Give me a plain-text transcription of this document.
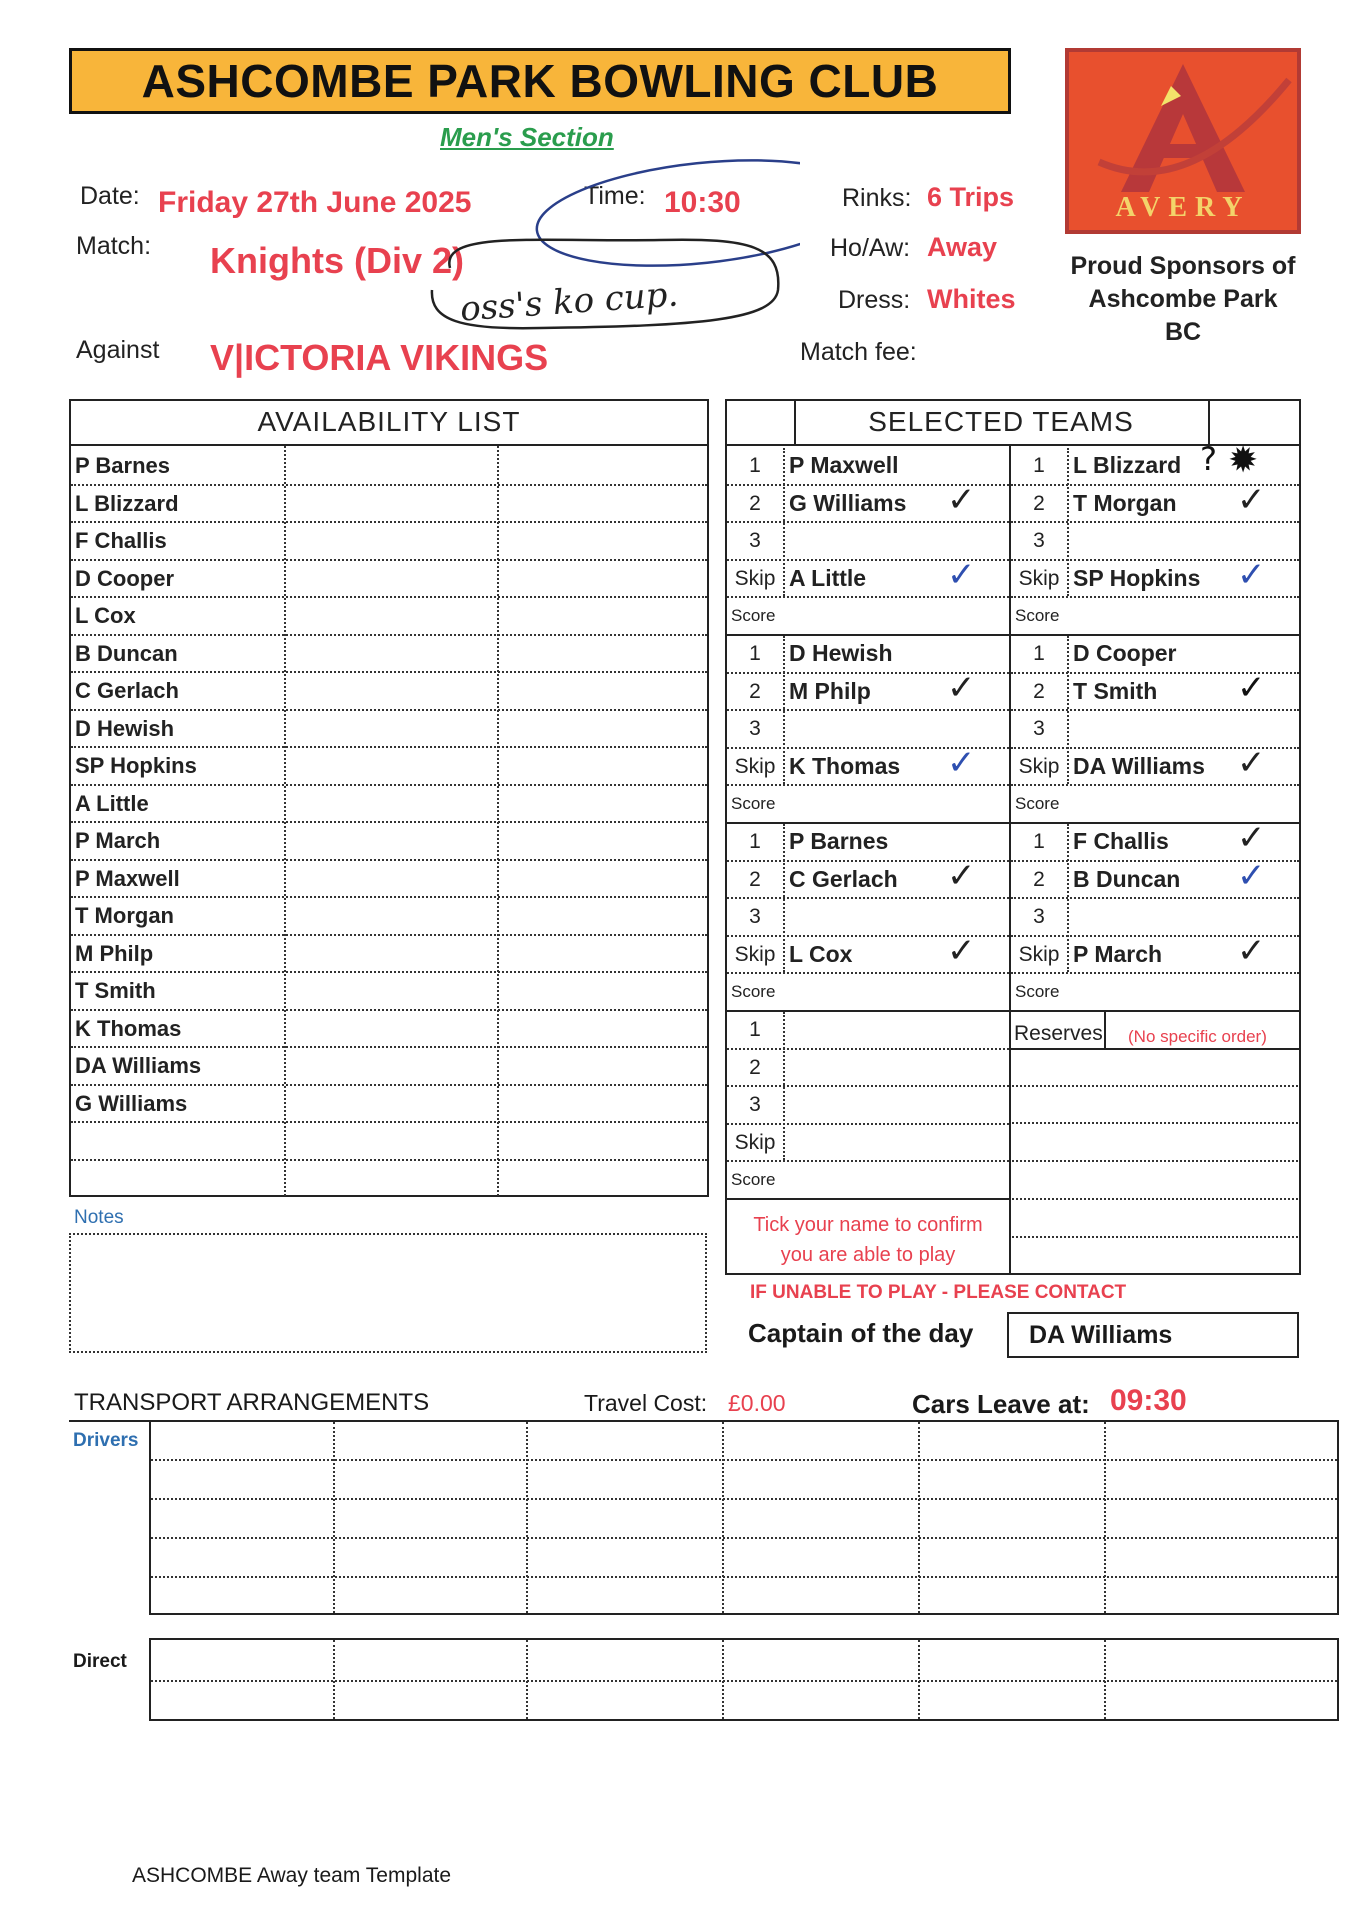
ASHCOMBE PARK BOWLING CLUB
Men's Section
Date: Friday 27th June 2025	Time: 10:30
Match: Knights (Div 2)
Against V|ICTORIA VIKINGS
Rinks: 6 Trips
Ho/Aw: Away
Dress: Whites
Match fee:
oss's ko cup.
AVERY
Proud Sponsors of
Ashcombe Park
BC
AVAILABILITY LIST
P Barnes
L Blizzard
F Challis
D Cooper
L Cox
B Duncan
C Gerlach
D Hewish
SP Hopkins
A Little
P March
P Maxwell
T Morgan
M Philp
T Smith
K Thomas
DA Williams
G Williams
SELECTED TEAMS
1	P Maxwell
2	G Williams ✓
3
Skip A Little ✓
Score
1	D Hewish
2	M Philp ✓
3
Skip K Thomas ✓
Score
1	P Barnes
2	C Gerlach ✓
3
Skip L Cox	✓
Score
1
2
3
Skip
Score
1	L Blizzard
2	T Morgan ✓
3
Skip SP Hopkins ✓
Score
1	D Cooper
2	T Smith ✓
3
Skip DA Williams ✓
Score
1	F Challis ✓
2	B Duncan ✓
3
Skip P March ✓
Score
? ✹
Reserves (No specific order)
Notes	Tick your name to confirm
you are able to play
IF UNABLE TO PLAY - PLEASE CONTACT
Captain of the day	DA Williams
TRANSPORT ARRANGEMENTS	Travel Cost: £0.00	Cars Leave at: 09:30
Drivers
Direct
ASHCOMBE Away team Template
